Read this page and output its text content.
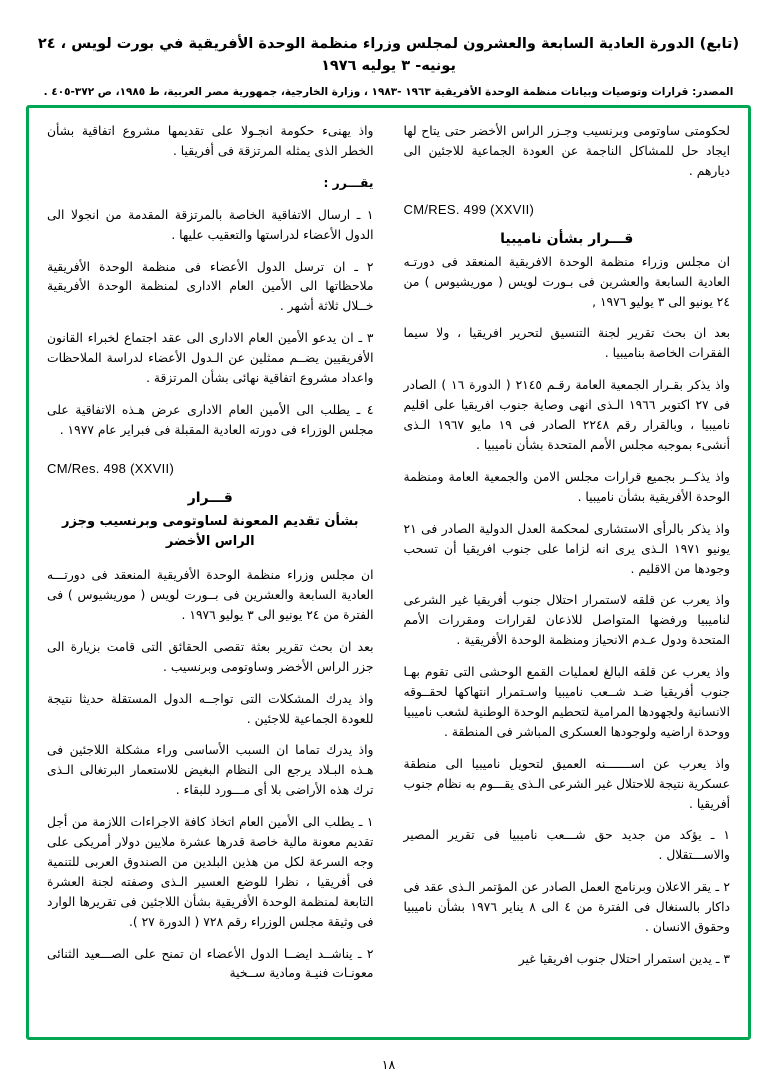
(تابع) الدورة العادية السابعة والعشرون لمجلس وزراء منظمة الوحدة الأفريقية في بورت لويس ، ٢٤ يونيه- ٣ يوليه ١٩٧٦
المصدر: ‏قرارات وتوصيات وبيانات منظمة الوحدة الأفريقية ١٩٦٣ -١٩٨٣ ، وزارة الخارجية، جمهورية مصر العربية، ط ١٩٨٥، ص ٣٧٢-٤٠٥ .

لحكومتى ساوتومى وبرنسيب وجـزر الراس الأخضر حتى يتاح لها ايجاد حل للمشاكل الناجمة عن العودة الجماعية للاجئين الى ديارهم .

CM/RES. 499 (XXVII)
قـــرار بشأن ناميبيا

ان مجلس وزراء منظمة الوحدة الافريقية المنعقد فى دورتـه العادية السابعة والعشرين فى بـورت لويس ( موريشيوس ) من ٢٤ يونيو الى ٣ يوليو ١٩٧٦ ,

بعد ان بحث تقرير لجنة التنسيق لتحرير افريقيا ، ولا سيما الفقرات الخاصة بناميبيا .

واذ يذكر بقـرار الجمعية العامة رقـم ٢١٤٥ ( الدورة ١٦ ) الصادر فى ٢٧ اكتوبر ١٩٦٦ الـذى انهى وصاية جنوب افريقيا على اقليم ناميبيا ، وبالقرار رقم ٢٢٤٨ الصادر فى ١٩ مايو ١٩٦٧ الـذى أنشىء بموجبه مجلس الأمم المتحدة بشأن ناميبيا .

واذ يذكــر بجميع قرارات مجلس الامن والجمعية العامة ومنظمة الوحدة الأفريقية بشأن ناميبيا .

واذ يذكر بالرأى الاستشارى لمحكمة العدل الدولية الصادر فى ٢١ يونيو ١٩٧١ الـذى يرى انه لزاما على جنوب افريقيا أن تسحب وجودها من الاقليم .

واذ يعرب عن قلقه لاستمرار احتلال جنوب أفريقيا غير الشرعى لناميبيا ورفضها المتواصل للاذعان لقرارات ومقررات الأمم المتحدة ودول عـدم الانحياز ومنظمة الوحدة الأفريقية .

واذ يعرب عن قلقه البالغ لعمليات القمع الوحشى التى تقوم بهـا جنوب أفريقيا ضـد شــعب ناميبيا واسـتمرار انتهاكها لحقــوقه الانسانية ولجهودها المرامية لتحطيم الوحدة الوطنية لشعب ناميبيا ووحدة اراضيه ولوجودها العسكرى المباشر فى المنطقة .

واذ يعرب عن اســـــــنه العميق لتحويل ناميبيا الى منطقة عسكرية نتيجة للاحتلال غير الشرعى الـذى يقـــوم به نظام جنوب أفريقيا .

١ ـ يؤكد من جديد حق شـــعب ناميبيا فى تقرير المصير والاســـتقلال .

٢ ـ يقر الاعلان وبرنامج العمل الصادر عن المؤتمر الـذى عقد فى داكار بالسنغال فى الفترة من ٤ الى ٨ يناير ١٩٧٦ بشأن ناميبيا وحقوق الانسان .

٣ ـ يدين استمرار احتلال جنوب افريقيا غير

واذ يهنىء حكومة انجـولا على تقديمها مشروع اتفاقية بشأن الخطر الذى يمثله المرتزقة فى أفريقيا .

يقـــرر :

١ ـ ارسال الاتفاقية الخاصة بالمرتزقة المقدمة من انجولا الى الدول الأعضاء لدراستها والتعقيب عليها .

٢ ـ ان ترسل الدول الأعضاء فى منظمة الوحدة الأفريقية ملاحظاتها الى الأمين العام الادارى لمنظمة الوحدة الأفريقية خــلال ثلاثة أشهر .

٣ ـ ان يدعو الأمين العام الادارى الى عقد اجتماع لخبراء القانون الأفريقيين يضــم ممثلين عن الـدول الأعضاء لدراسة الملاحظات واعداد مشروع اتفاقية نهائى بشأن المرتزقة .

٤ ـ يطلب الى الأمين العام الادارى عرض هـذه الاتفاقية على مجلس الوزراء فى دورته العادية المقبلة فى فبراير عام ١٩٧٧ .

CM/Res. 498 (XXVII)
قـــرار
بشأن تقديم المعونة لساوتومى وبرنسيب وجزر الراس الأخضر

ان مجلس وزراء منظمة الوحدة الأفريقية المنعقد فى دورتـــه العادية السابعة والعشرين فى بــورت لويس ( موريشيوس ) فى الفترة من ٢٤ يونيو الى ٣ يوليو ١٩٧٦ .

بعد ان بحث تقرير بعثة تقصى الحقائق التى قامت بزيارة الى جزر الراس الأخضر وساوتومى وبرنسيب .

واذ يدرك المشكلات التى تواجــه الدول المستقلة حديثا نتيجة للعودة الجماعية للاجئين .

واذ يدرك تماما ان السبب الأساسى وراء مشكلة اللاجئين فى هـذه البـلاد يرجع الى النظام البغيض للاستعمار البرتغالى الـذى ترك هذه الأراضى بلا أى مـــورد للبقاء .

١ ـ يطلب الى الأمين العام اتخاذ كافة الاجراءات اللازمة من أجل تقديم معونة مالية خاصة قدرها عشرة ملايين دولار أمريكى على وجه السرعة لكل من هذين البلدين من الصندوق العربى للتنمية فى أفريقيا ، نظرا للوضع العسير الـذى وصفته لجنة العشرة التابعة لمنظمة الوحدة الأفريقية بشأن اللاجئين فى تقريرها الوارد فى وثيقة مجلس الوزراء رقم ٧٢٨ ( الدورة ٢٧ ).

٢ ـ يناشــد ايضــا الدول الأعضاء ان تمنح على الصـــعيد الثنائى معونـات فنيـة ومادية ســخية

١٨
